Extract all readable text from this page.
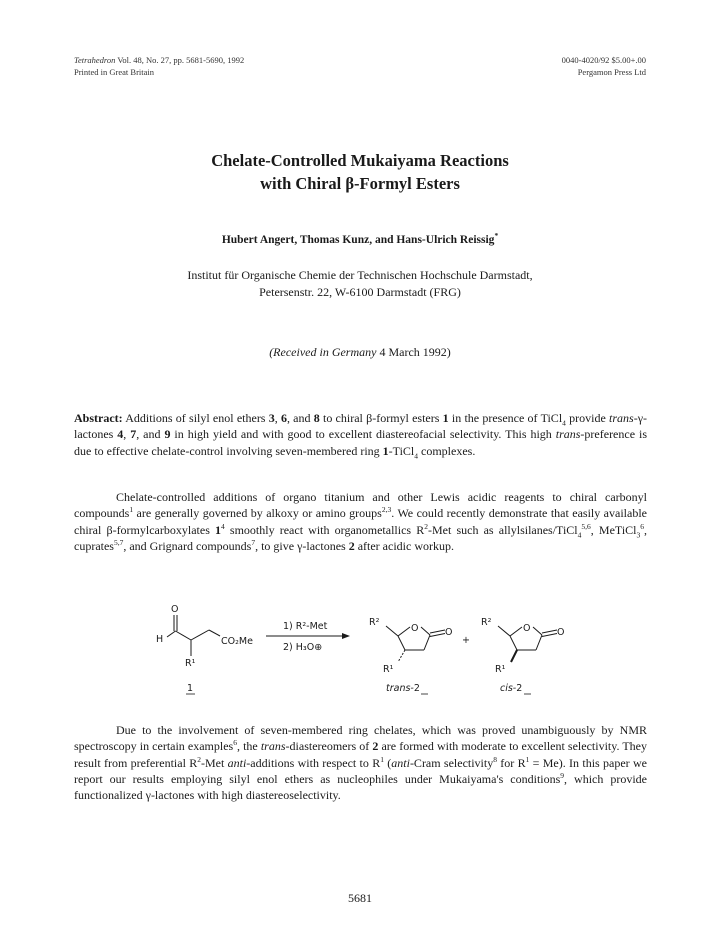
Tetrahedron Vol. 48, No. 27, pp. 5681-5690, 1992
Printed in Great Britain
0040-4020/92 $5.00+.00
Pergamon Press Ltd
Chelate-Controlled Mukaiyama Reactions
with Chiral β-Formyl Esters
Hubert Angert, Thomas Kunz, and Hans-Ulrich Reissig*
Institut für Organische Chemie der Technischen Hochschule Darmstadt,
Petersenstr. 22, W-6100 Darmstadt (FRG)
(Received in Germany 4 March 1992)
Abstract: Additions of silyl enol ethers 3, 6, and 8 to chiral β-formyl esters 1 in the presence of TiCl$_4$ provide trans-γ-lactones 4, 7, and 9 in high yield and with good to excellent diastereofacial selectivity. This high trans-preference is due to effective chelate-control involving seven-membered ring 1-TiCl$_4$ complexes.
Chelate-controlled additions of organo titanium and other Lewis acidic reagents to chiral carbonyl compounds$^1$ are generally governed by alkoxy or amino groups$^{2,3}$. We could recently demonstrate that easily available chiral β-formylcarboxylates $1^4$ smoothly react with organometallics $R^2$-Met such as allylsilanes/TiCl$_4^{5,6}$, MeTiCl$_3^6$, cuprates$^{5,7}$, and Grignard compounds$^7$, to give γ-lactones 2 after acidic workup.
O
H	CO₂Me
R¹
1) R²-Met
2) H₃O⊕
R²
O	O
R¹
+
R²
O	O
R¹
1	trans-2	cis-2
Due to the involvement of seven-membered ring chelates, which was proved unambiguously by NMR spectroscopy in certain examples$^6$, the trans-diastereomers of 2 are formed with moderate to excellent selectivity. They result from preferential $R^2$-Met anti-additions with respect to $R^1$ (anti-Cram selectivity$^8$ for $R^1 = Me$). In this paper we report our results employing silyl enol ethers as nucleophiles under Mukaiyama's conditions$^9$, which provide functionalized γ-lactones with high diastereoselectivity.
5681
